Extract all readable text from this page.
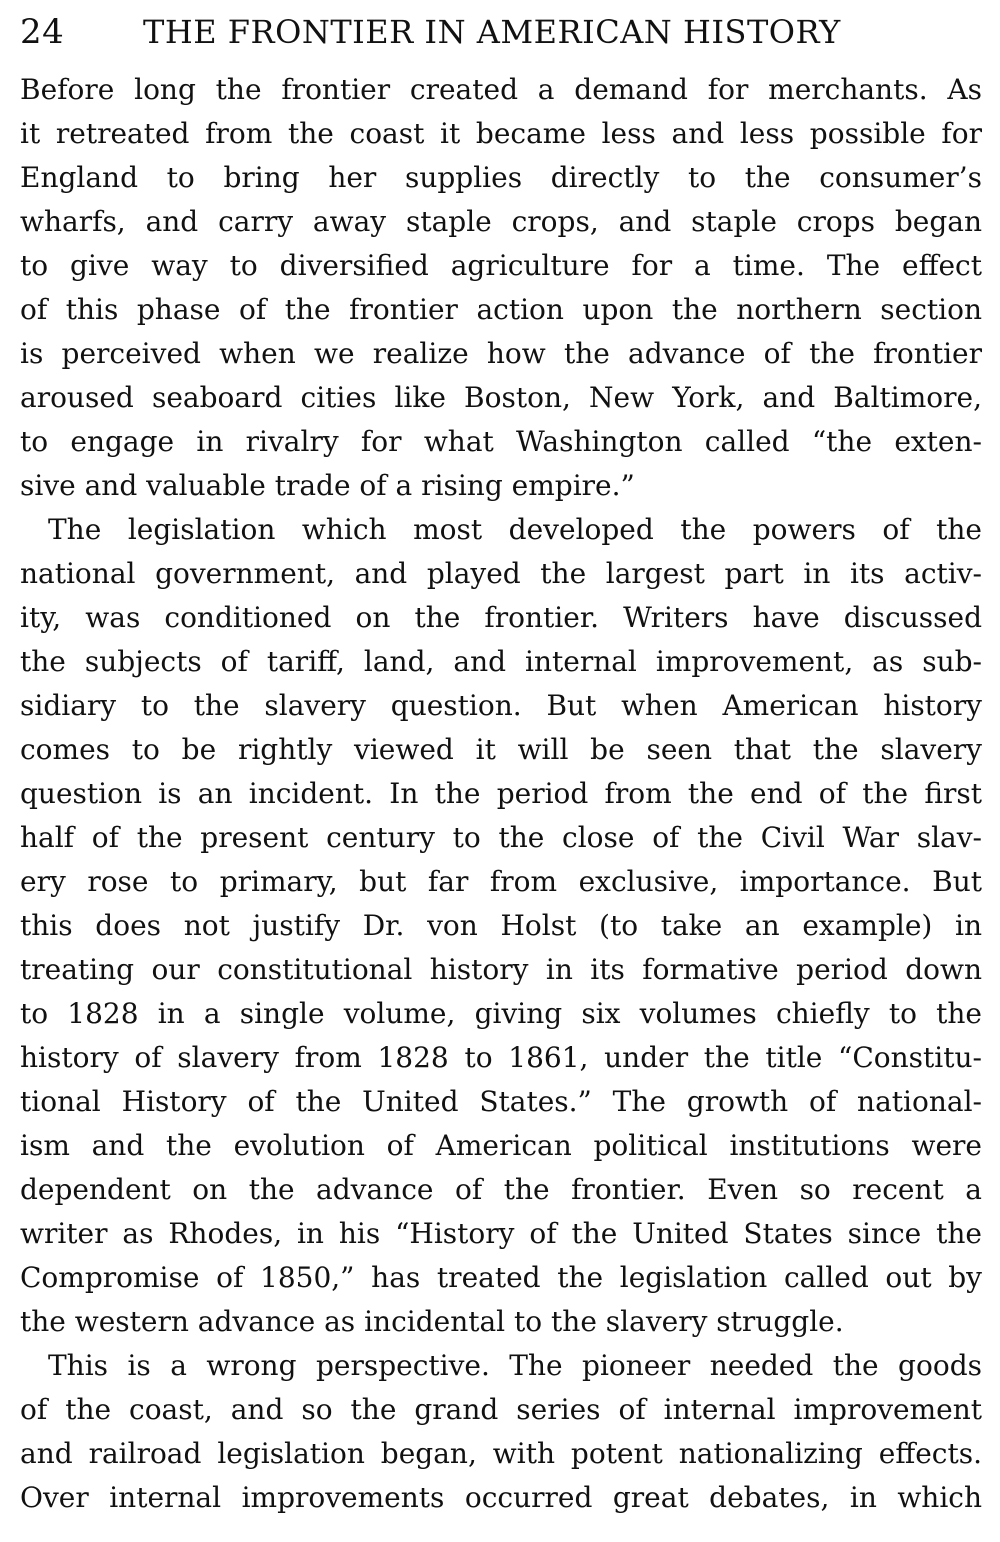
24 THE FRONTIER IN AMERICAN HISTORY
Before long the frontier created a demand for merchants. As
it retreated from the coast it became less and less possible for
England to bring her supplies directly to the consumer’s
wharfs, and carry away staple crops, and staple crops began
to give way to diversified agriculture for a time. The effect
of this phase of the frontier action upon the northern section
is perceived when we realize how the advance of the frontier
aroused seaboard cities like Boston, New York, and Baltimore,
to engage in rivalry for what Washington called “the exten-
sive and valuable trade of a rising empire.”
The legislation which most developed the powers of the
national government, and played the largest part in its activ-
ity, was conditioned on the frontier. Writers have discussed
the subjects of tariff, land, and internal improvement, as sub-
sidiary to the slavery question. But when American history
comes to be rightly viewed it will be seen that the slavery
question is an incident. In the period from the end of the first
half of the present century to the close of the Civil War slav-
ery rose to primary, but far from exclusive, importance. But
this does not justify Dr. von Holst (to take an example) in
treating our constitutional history in its formative period down
to 1828 in a single volume, giving six volumes chiefly to the
history of slavery from 1828 to 1861, under the title “Constitu-
tional History of the United States.” The growth of national-
ism and the evolution of American political institutions were
dependent on the advance of the frontier. Even so recent a
writer as Rhodes, in his “History of the United States since the
Compromise of 1850,” has treated the legislation called out by
the western advance as incidental to the slavery struggle.
This is a wrong perspective. The pioneer needed the goods
of the coast, and so the grand series of internal improvement
and railroad legislation began, with potent nationalizing effects.
Over internal improvements occurred great debates, in which
